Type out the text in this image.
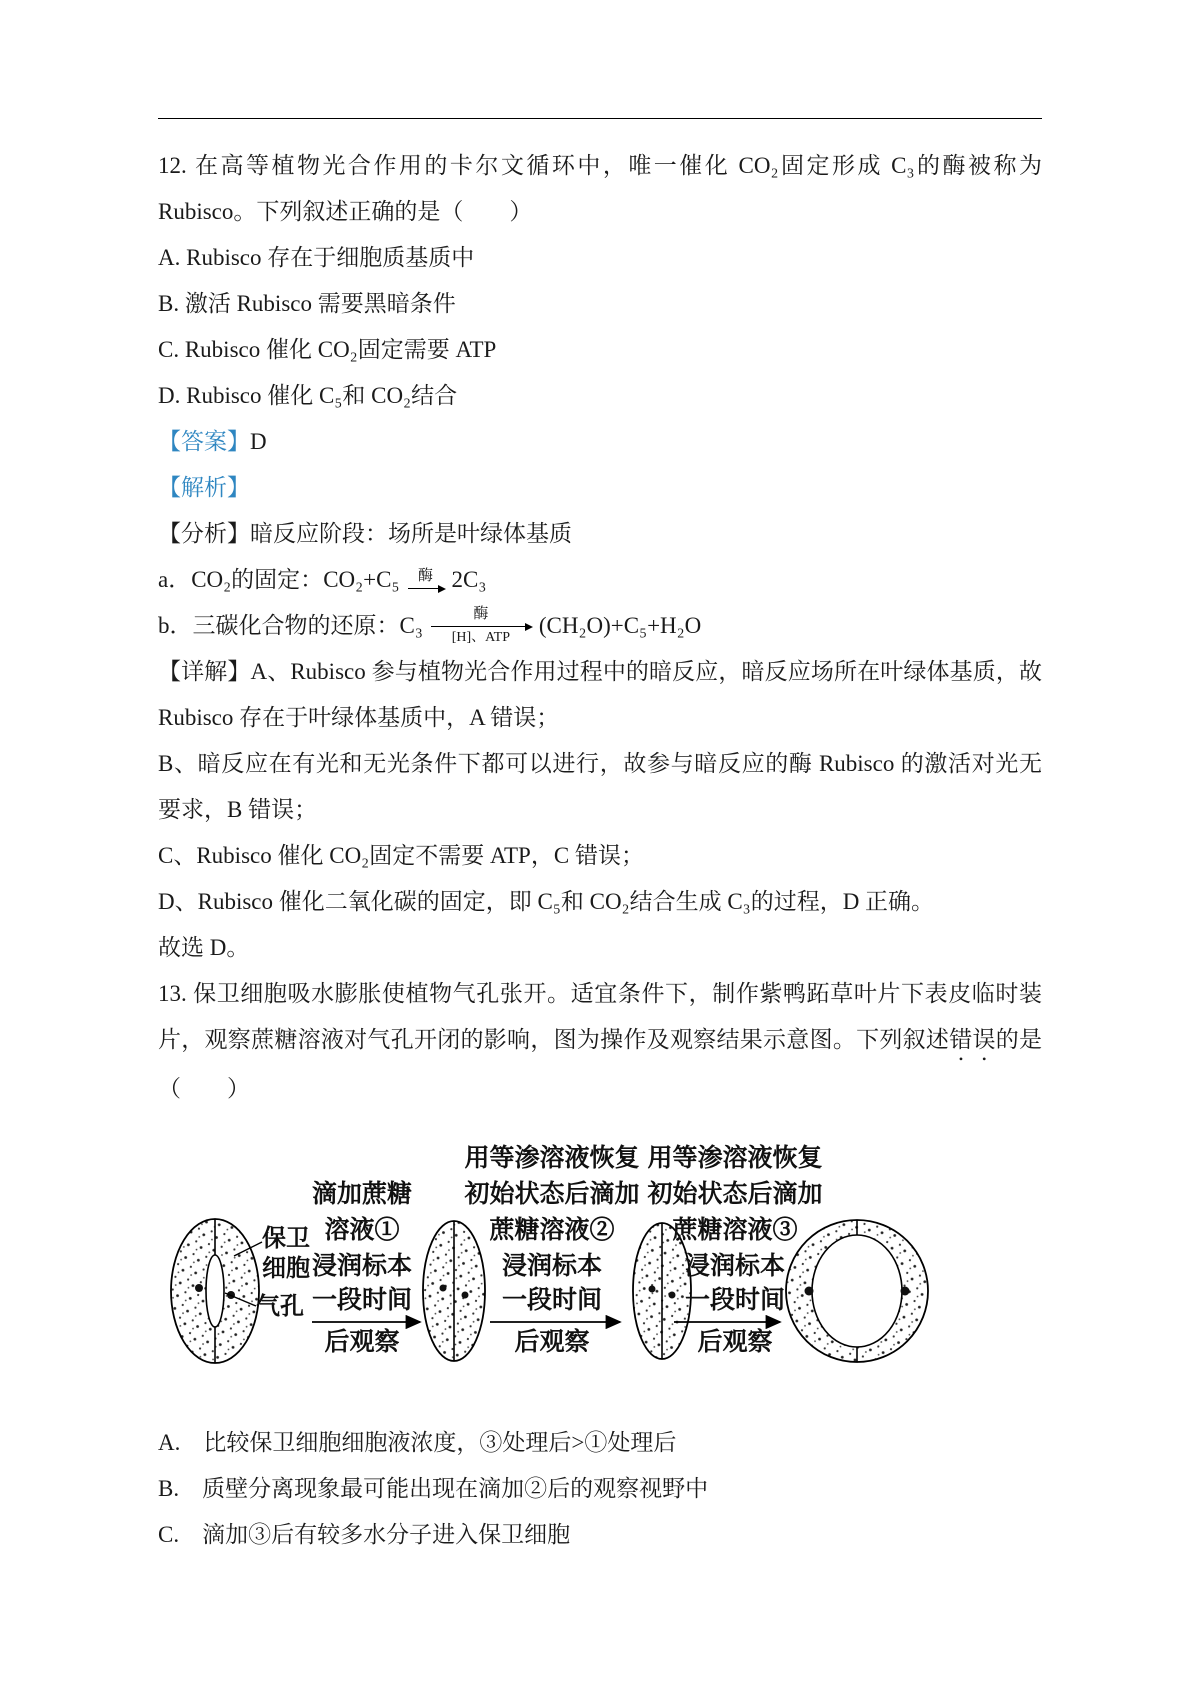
12. 在高等植物光合作用的卡尔文循环中，唯一催化 CO₂固定形成 C₃的酶被称为 Rubisco。下列叙述正确的是（　　）

A. Rubisco 存在于细胞质基质中

B. 激活 Rubisco 需要黑暗条件

C. Rubisco 催化 CO₂固定需要 ATP

D. Rubisco 催化 C₅和 CO₂结合

【答案】D

【解析】

【分析】暗反应阶段：场所是叶绿体基质

a．CO₂的固定： CO₂+C₅ 酶 2C₃

b．三碳化合物的还原： C₃	酶
[H]、ATP (CH₂O)+C₅+H₂O

【详解】A、Rubisco 参与植物光合作用过程中的暗反应，暗反应场所在叶绿体基质，故 Rubisco 存在于叶绿体基质中，A 错误；

B、暗反应在有光和无光条件下都可以进行，故参与暗反应的酶 Rubisco 的激活对光无要求，B 错误；

C、Rubisco 催化 CO₂固定不需要 ATP，C 错误；

D、Rubisco 催化二氧化碳的固定，即 C₅和 CO₂结合生成 C₃的过程，D 正确。

故选 D。

13. 保卫细胞吸水膨胀使植物气孔张开。适宜条件下，制作紫鸭跖草叶片下表皮临时装片，观察蔗糖溶液对气孔开闭的影响，图为操作及观察结果示意图。下列叙述错误的是（　　）

保卫
细胞
气孔
滴加蔗糖
溶液①
浸润标本
一段时间
后观察
用等渗溶液恢复
初始状态后滴加
蔗糖溶液②
浸润标本
一段时间
后观察
用等渗溶液恢复
初始状态后滴加
蔗糖溶液③
浸润标本
一段时间
后观察

A.　比较保卫细胞细胞液浓度，③处理后>①处理后

B.　质壁分离现象最可能出现在滴加②后的观察视野中

C.　滴加③后有较多水分子进入保卫细胞
